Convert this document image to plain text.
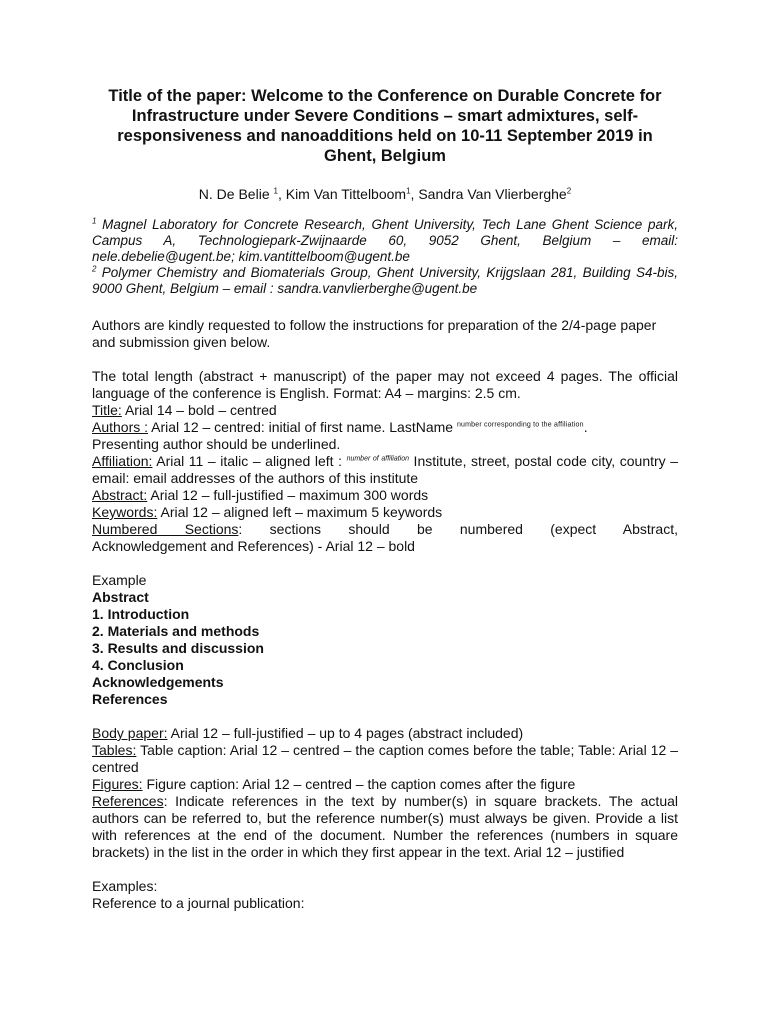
Title of the paper: Welcome to the Conference on Durable Concrete for Infrastructure under Severe Conditions – smart admixtures, self-responsiveness and nanoadditions held on 10-11 September 2019 in Ghent, Belgium
N. De Belie $^1$, Kim Van Tittelboom$^1$, Sandra Van Vlierberghe$^2$

$^1$ Magnel Laboratory for Concrete Research, Ghent University, Tech Lane Ghent Science park, Campus A, Technologiepark-Zwijnaarde 60, 9052 Ghent, Belgium – email: nele.debelie@ugent.be; kim.vantittelboom@ugent.be

$^2$ Polymer Chemistry and Biomaterials Group, Ghent University, Krijgslaan 281, Building S4-bis, 9000 Ghent, Belgium – email : sandra.vanvlierberghe@ugent.be

Authors are kindly requested to follow the instructions for preparation of the 2/4-page paper and submission given below.

The total length (abstract + manuscript) of the paper may not exceed 4 pages. The official language of the conference is English. Format: A4 – margins: 2.5 cm.

Title: Arial 14 – bold – centred

Authors : Arial 12 – centred: initial of first name. LastName $^{number corresponding to the affiliation}$.

Presenting author should be underlined.

Affiliation: Arial 11 – italic – aligned left : $^{number of affiliation}$ Institute, street, postal code city, country – email: email addresses of the authors of this institute

Abstract: Arial 12 – full-justified – maximum 300 words

Keywords: Arial 12 – aligned left – maximum 5 keywords

Numbered Sections: sections should be numbered (expect Abstract,

Acknowledgement and References) - Arial 12 – bold

Example

Abstract

1. Introduction

2. Materials and methods

3. Results and discussion

4. Conclusion

Acknowledgements

References

Body paper: Arial 12 – full-justified – up to 4 pages (abstract included)

Tables: Table caption: Arial 12 – centred – the caption comes before the table; Table: Arial 12 – centred

Figures: Figure caption: Arial 12 – centred – the caption comes after the figure

References: Indicate references in the text by number(s) in square brackets. The actual authors can be referred to, but the reference number(s) must always be given. Provide a list with references at the end of the document. Number the references (numbers in square brackets) in the list in the order in which they first appear in the text. Arial 12 – justified

Examples:

Reference to a journal publication:
